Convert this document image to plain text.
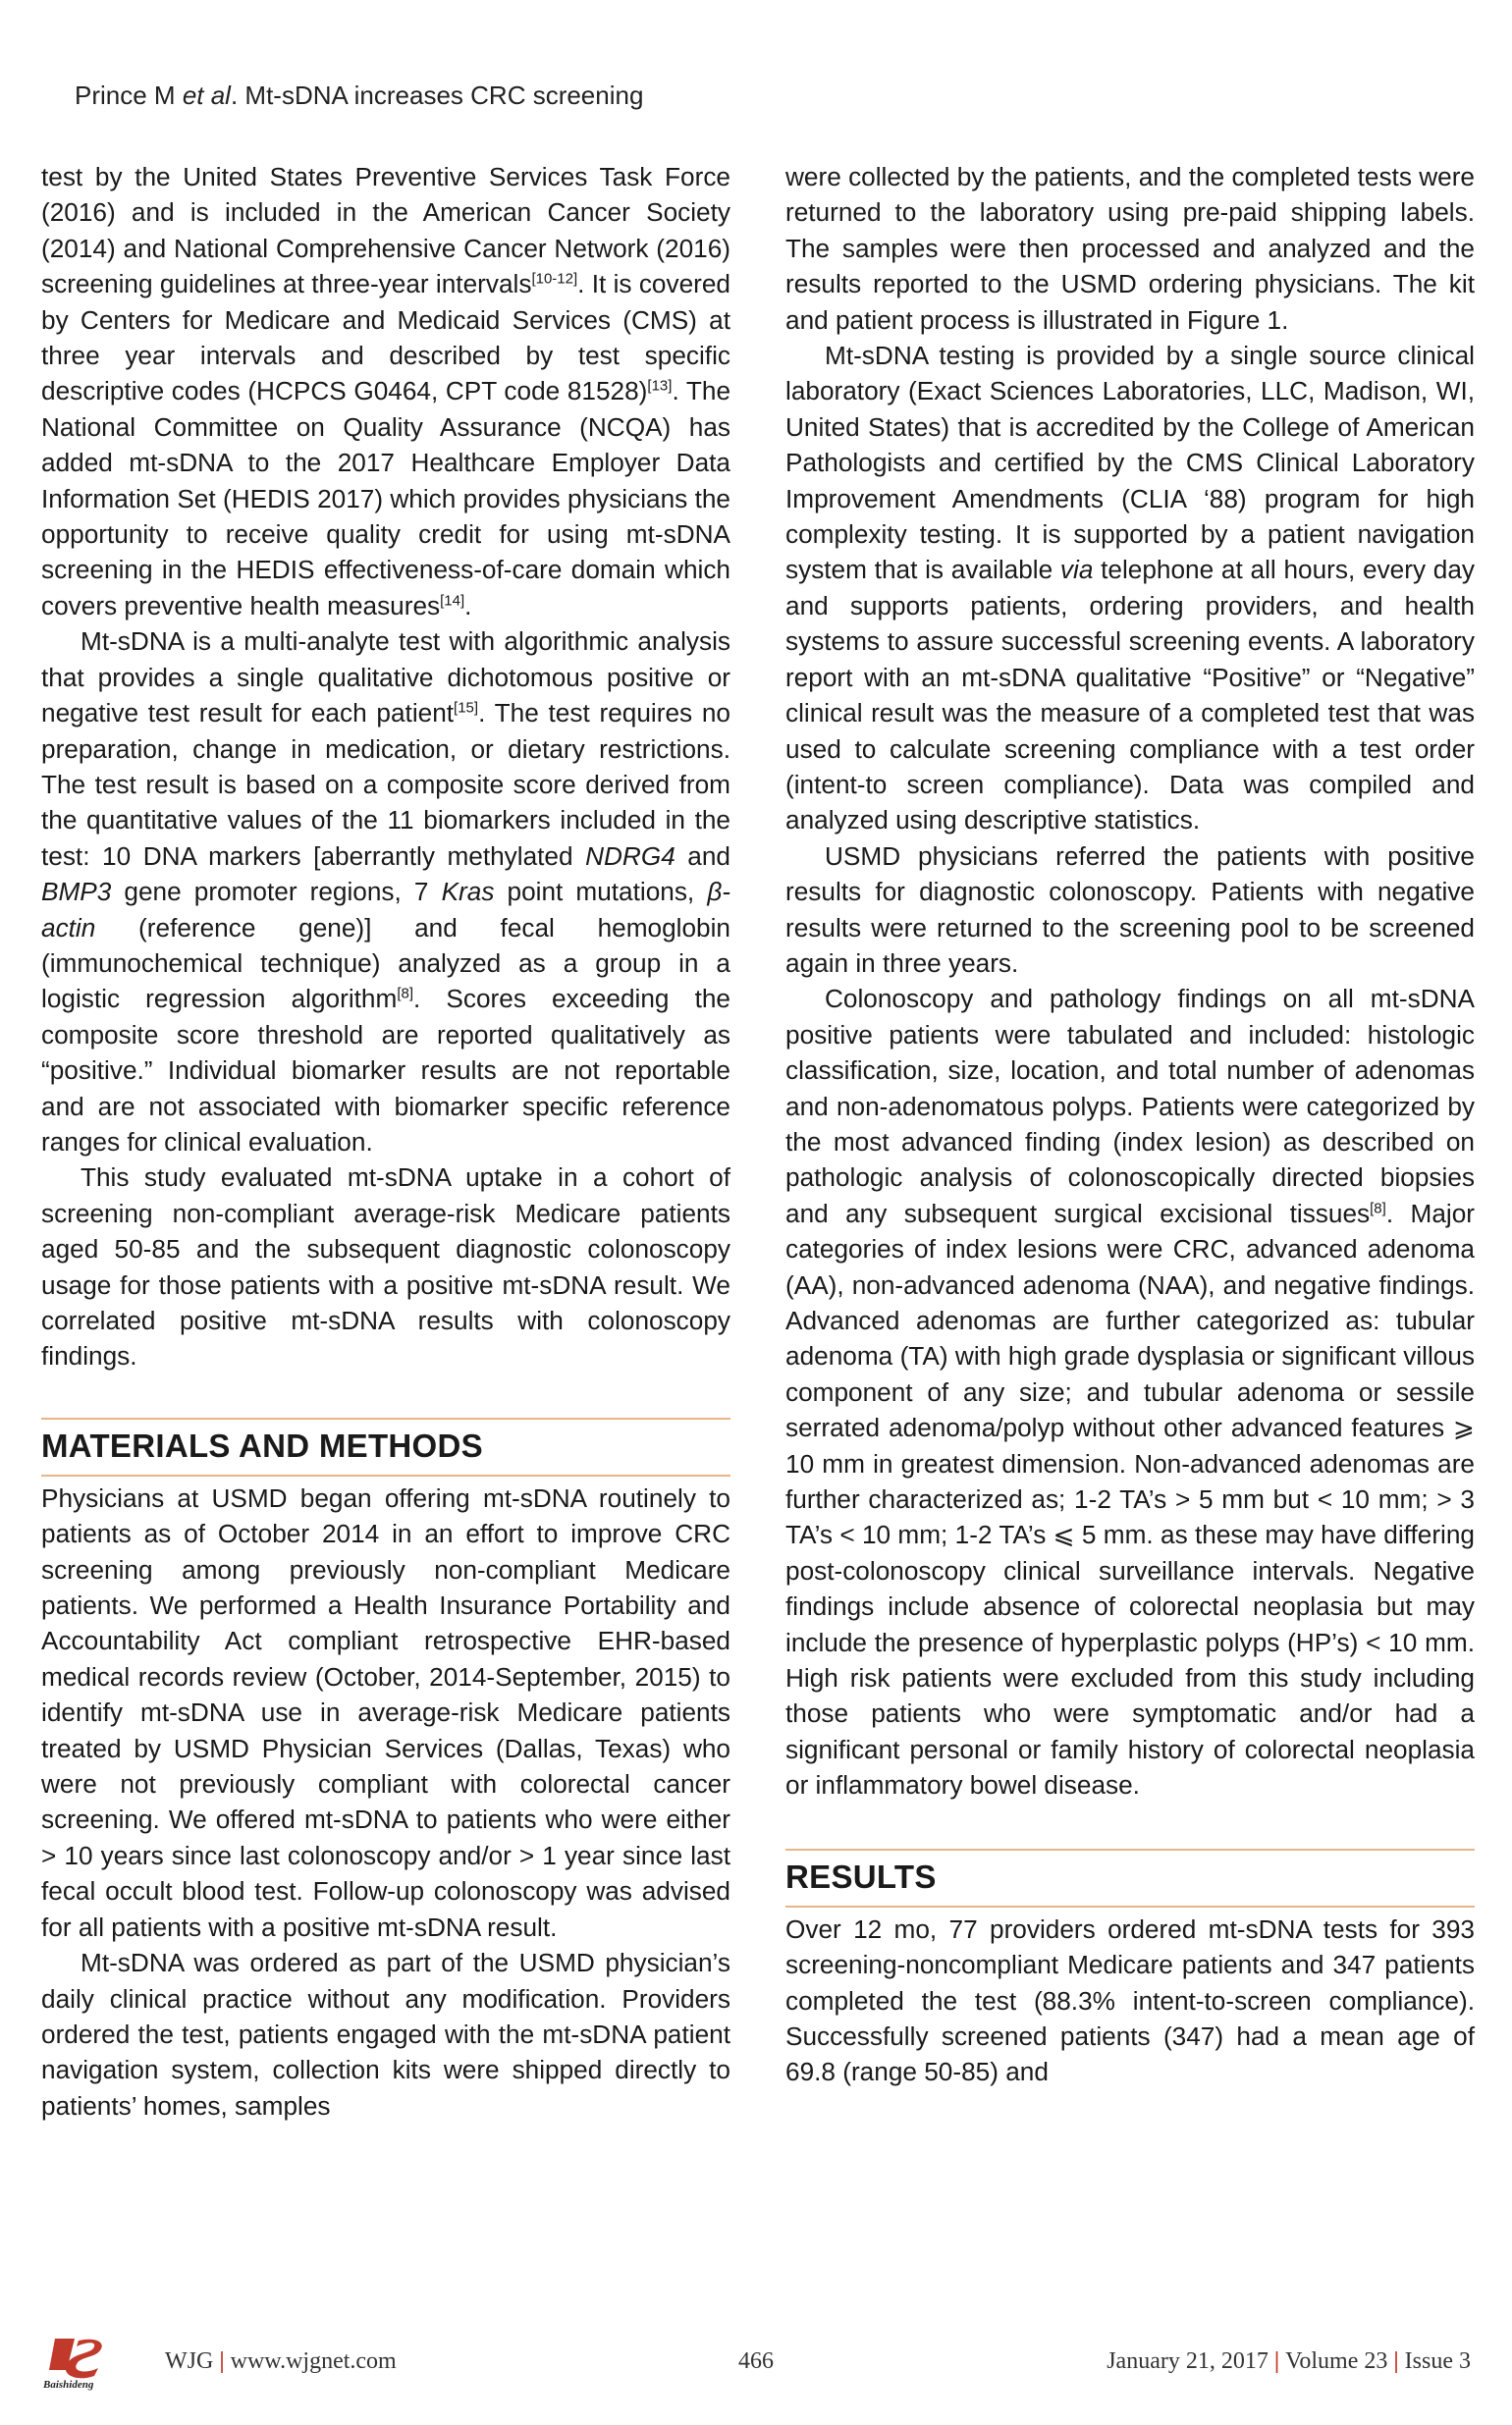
Prince M et al. Mt-sDNA increases CRC screening

test by the United States Preventive Services Task Force (2016) and is included in the American Cancer Society (2014) and National Comprehensive Cancer Network (2016) screening guidelines at three-year intervals[10-12]. It is covered by Centers for Medicare and Medicaid Services (CMS) at three year intervals and described by test specific descriptive codes (HCPCS G0464, CPT code 81528)[13]. The National Committee on Quality Assurance (NCQA) has added mt-sDNA to the 2017 Healthcare Employer Data Information Set (HEDIS 2017) which provides physicians the opportunity to receive quality credit for using mt-sDNA screening in the HEDIS effectiveness-of-care domain which covers preventive health measures[14].

Mt-sDNA is a multi-analyte test with algorithmic analysis that provides a single qualitative dichotomous positive or negative test result for each patient[15]. The test requires no preparation, change in medication, or dietary restrictions. The test result is based on a composite score derived from the quantitative values of the 11 biomarkers included in the test: 10 DNA markers [aberrantly methylated NDRG4 and BMP3 gene promoter regions, 7 Kras point mutations, β-actin (reference gene)] and fecal hemoglobin (immunochemical technique) analyzed as a group in a logistic regression algorithm[8]. Scores exceeding the composite score threshold are reported qualitatively as “positive.” Individual biomarker results are not reportable and are not associated with biomarker specific reference ranges for clinical evaluation.

This study evaluated mt-sDNA uptake in a cohort of screening non-compliant average-risk Medicare patients aged 50-85 and the subsequent diagnostic colonoscopy usage for those patients with a positive mt-sDNA result. We correlated positive mt-sDNA results with colonoscopy findings.

MATERIALS AND METHODS

Physicians at USMD began offering mt-sDNA routinely to patients as of October 2014 in an effort to improve CRC screening among previously non-compliant Medicare patients. We performed a Health Insurance Portability and Accountability Act compliant retrospective EHR-based medical records review (October, 2014-September, 2015) to identify mt-sDNA use in average-risk Medicare patients treated by USMD Physician Services (Dallas, Texas) who were not previously compliant with colorectal cancer screening. We offered mt-sDNA to patients who were either > 10 years since last colonoscopy and/or > 1 year since last fecal occult blood test. Follow-up colonoscopy was advised for all patients with a positive mt-sDNA result.

Mt-sDNA was ordered as part of the USMD physician’s daily clinical practice without any modification. Providers ordered the test, patients engaged with the mt-sDNA patient navigation system, collection kits were shipped directly to patients’ homes, samples

were collected by the patients, and the completed tests were returned to the laboratory using pre-paid shipping labels. The samples were then processed and analyzed and the results reported to the USMD ordering physicians. The kit and patient process is illustrated in Figure 1.

Mt-sDNA testing is provided by a single source clinical laboratory (Exact Sciences Laboratories, LLC, Madison, WI, United States) that is accredited by the College of American Pathologists and certified by the CMS Clinical Laboratory Improvement Amendments (CLIA ‘88) program for high complexity testing. It is supported by a patient navigation system that is available via telephone at all hours, every day and supports patients, ordering providers, and health systems to assure successful screening events. A laboratory report with an mt-sDNA qualitative “Positive” or “Negative” clinical result was the measure of a completed test that was used to calculate screening compliance with a test order (intent-to screen compliance). Data was compiled and analyzed using descriptive statistics.

USMD physicians referred the patients with positive results for diagnostic colonoscopy. Patients with negative results were returned to the screening pool to be screened again in three years.

Colonoscopy and pathology findings on all mt-sDNA positive patients were tabulated and included: histologic classification, size, location, and total number of adenomas and non-adenomatous polyps. Patients were categorized by the most advanced finding (index lesion) as described on pathologic analysis of colonoscopically directed biopsies and any subsequent surgical excisional tissues[8]. Major categories of index lesions were CRC, advanced adenoma (AA), non-advanced adenoma (NAA), and negative findings. Advanced adenomas are further categorized as: tubular adenoma (TA) with high grade dysplasia or significant villous component of any size; and tubular adenoma or sessile serrated adenoma/polyp without other advanced features ⩾ 10 mm in greatest dimension. Non-advanced adenomas are further characterized as; 1-2 TA’s > 5 mm but < 10 mm; > 3 TA’s < 10 mm; 1-2 TA’s ⩽ 5 mm. as these may have differing post-colonoscopy clinical surveillance intervals. Negative findings include absence of colorectal neoplasia but may include the presence of hyperplastic polyps (HP’s) < 10 mm. High risk patients were excluded from this study including those patients who were symptomatic and/or had a significant personal or family history of colorectal neoplasia or inflammatory bowel disease.

RESULTS

Over 12 mo, 77 providers ordered mt-sDNA tests for 393 screening-noncompliant Medicare patients and 347 patients completed the test (88.3% intent-to-screen compliance). Successfully screened patients (347) had a mean age of 69.8 (range 50-85) and

Baishideng
WJG | www.wjgnet.com	466	January 21, 2017 | Volume 23 | Issue 3
